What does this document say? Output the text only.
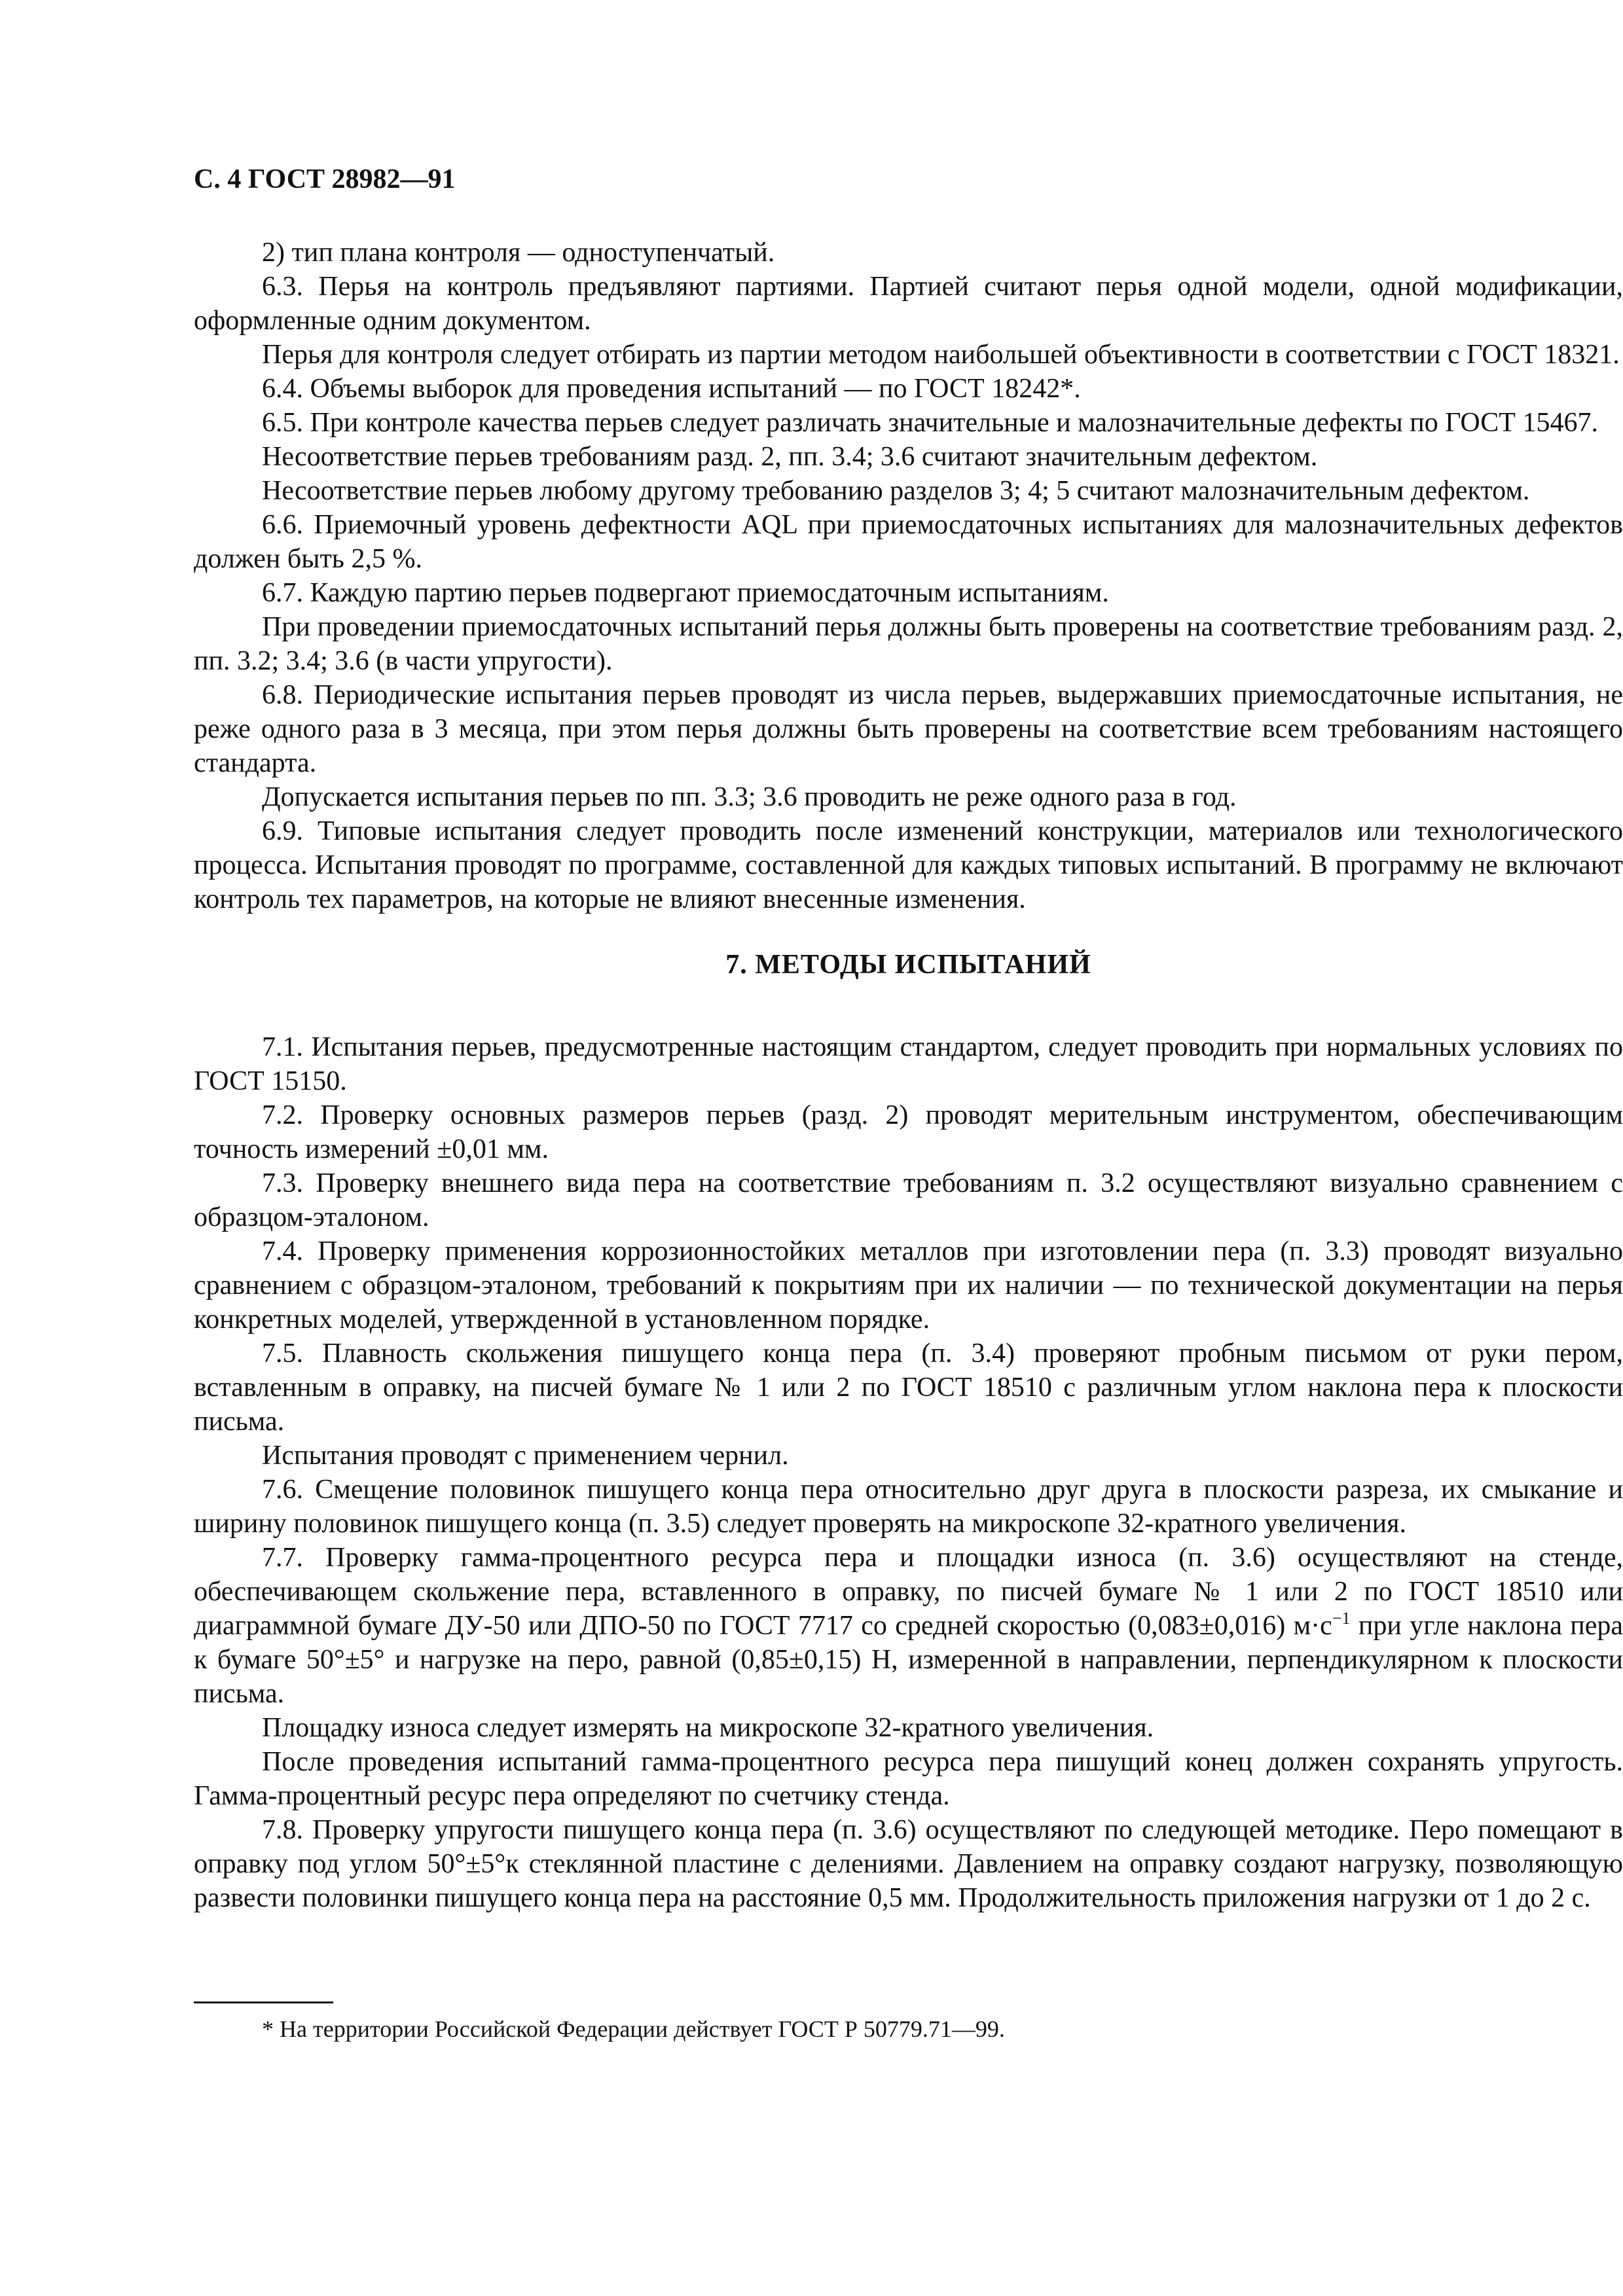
С. 4 ГОСТ 28982—91

2) тип плана контроля — одноступенчатый.

6.3. Перья на контроль предъявляют партиями. Партией считают перья одной модели, одной модификации, оформленные одним документом.

Перья для контроля следует отбирать из партии методом наибольшей объективности в соответствии с ГОСТ 18321.

6.4. Объемы выборок для проведения испытаний — по ГОСТ 18242*.

6.5. При контроле качества перьев следует различать значительные и малозначительные дефекты по ГОСТ 15467.

Несоответствие перьев требованиям разд. 2, пп. 3.4; 3.6 считают значительным дефектом.

Несоответствие перьев любому другому требованию разделов 3; 4; 5 считают малозначительным дефектом.

6.6. Приемочный уровень дефектности AQL при приемосдаточных испытаниях для малозначительных дефектов должен быть 2,5 %.

6.7. Каждую партию перьев подвергают приемосдаточным испытаниям.

При проведении приемосдаточных испытаний перья должны быть проверены на соответствие требованиям разд. 2, пп. 3.2; 3.4; 3.6 (в части упругости).

6.8. Периодические испытания перьев проводят из числа перьев, выдержавших приемосдаточные испытания, не реже одного раза в 3 месяца, при этом перья должны быть проверены на соответствие всем требованиям настоящего стандарта.

Допускается испытания перьев по пп. 3.3; 3.6 проводить не реже одного раза в год.

6.9. Типовые испытания следует проводить после изменений конструкции, материалов или технологического процесса. Испытания проводят по программе, составленной для каждых типовых испытаний. В программу не включают контроль тех параметров, на которые не влияют внесенные изменения.

7. МЕТОДЫ ИСПЫТАНИЙ

7.1. Испытания перьев, предусмотренные настоящим стандартом, следует проводить при нормальных условиях по ГОСТ 15150.

7.2. Проверку основных размеров перьев (разд. 2) проводят мерительным инструментом, обеспечивающим точность измерений ±0,01 мм.

7.3. Проверку внешнего вида пера на соответствие требованиям п. 3.2 осуществляют визуально сравнением с образцом-эталоном.

7.4. Проверку применения коррозионностойких металлов при изготовлении пера (п. 3.3) проводят визуально сравнением с образцом-эталоном, требований к покрытиям при их наличии — по технической документации на перья конкретных моделей, утвержденной в установленном порядке.

7.5. Плавность скольжения пишущего конца пера (п. 3.4) проверяют пробным письмом от руки пером, вставленным в оправку, на писчей бумаге № 1 или 2 по ГОСТ 18510 с различным углом наклона пера к плоскости письма.

Испытания проводят с применением чернил.

7.6. Смещение половинок пишущего конца пера относительно друг друга в плоскости разреза, их смыкание и ширину половинок пишущего конца (п. 3.5) следует проверять на микроскопе 32-кратного увеличения.

7.7. Проверку гамма-процентного ресурса пера и площадки износа (п. 3.6) осуществляют на стенде, обеспечивающем скольжение пера, вставленного в оправку, по писчей бумаге № 1 или 2 по ГОСТ 18510 или диаграммной бумаге ДУ-50 или ДПО-50 по ГОСТ 7717 со средней скоростью (0,083±0,016) $м\cdot с^{-1}$ при угле наклона пера к бумаге 50°±5° и нагрузке на перо, равной (0,85±0,15) Н, измеренной в направлении, перпендикулярном к плоскости письма.

Площадку износа следует измерять на микроскопе 32-кратного увеличения.

После проведения испытаний гамма-процентного ресурса пера пишущий конец должен сохранять упругость. Гамма-процентный ресурс пера определяют по счетчику стенда.

7.8. Проверку упругости пишущего конца пера (п. 3.6) осуществляют по следующей методике. Перо помещают в оправку под углом 50°±5°к стеклянной пластине с делениями. Давлением на оправку создают нагрузку, позволяющую развести половинки пишущего конца пера на расстояние 0,5 мм. Продолжительность приложения нагрузки от 1 до 2 с.

* На территории Российской Федерации действует ГОСТ Р 50779.71—99.
